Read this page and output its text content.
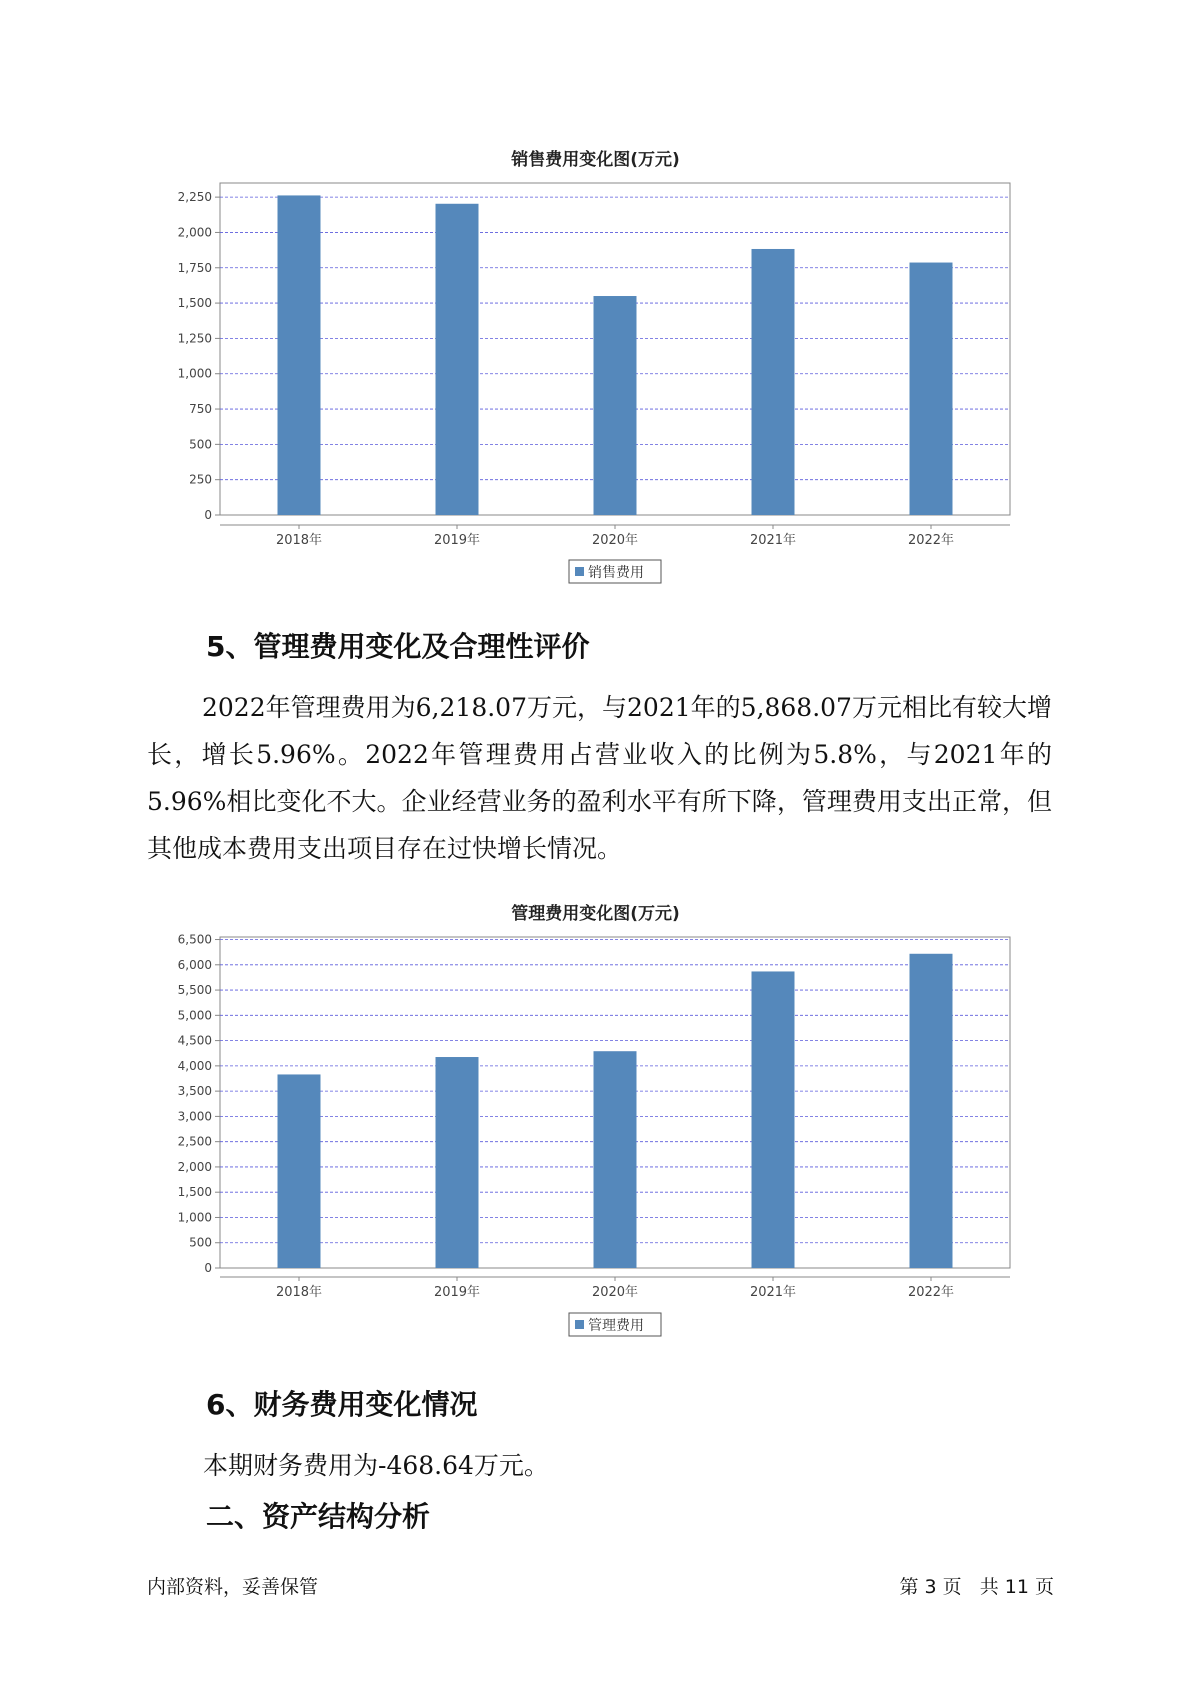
销售费用变化图(万元)
0
250
500
750
1,000
1,250
1,500
1,750
2,000
2,250
2018年	2019年	2020年	2021年	2022年
销售费用
5、管理费用变化及合理性评价
2022年管理费用为6,218.07万元，与2021年的5,868.07万元相比有较大增长，增长5.96%。2022年管理费用占营业收入的比例为5.8%，与2021年的5.96%相比变化不大。企业经营业务的盈利水平有所下降，管理费用支出正常，但其他成本费用支出项目存在过快增长情况。
管理费用变化图(万元)
0
500
1,000
1,500
2,000
2,500
3,000
3,500
4,000
4,500
5,000
5,500
6,000
6,500
2018年	2019年	2020年	2021年	2022年
管理费用
6、财务费用变化情况
本期财务费用为-468.64万元。
二、资产结构分析
内部资料，妥善保管	第 3 页   共 11 页
